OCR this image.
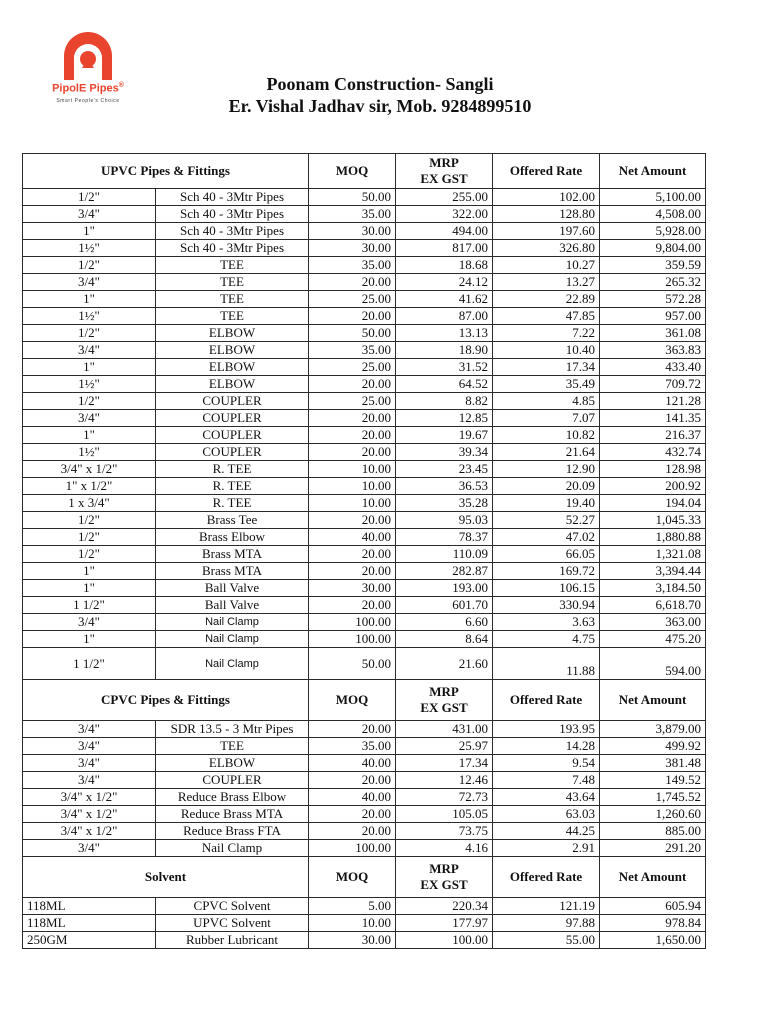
PipolE Pipes®
Smart People's Choice
Poonam Construction- Sangli
Er. Vishal Jadhav sir, Mob. 9284899510
UPVC Pipes & Fittings		MOQ	MRP
EX GST	Offered Rate	Net Amount
1/2"	Sch 40 - 3Mtr Pipes	50.00	255.00	102.00	5,100.00
3/4"	Sch 40 - 3Mtr Pipes	35.00	322.00	128.80	4,508.00
1"	Sch 40 - 3Mtr Pipes	30.00	494.00	197.60	5,928.00
1½"	Sch 40 - 3Mtr Pipes	30.00	817.00	326.80	9,804.00
1/2"	TEE	35.00	18.68	10.27	359.59
3/4"	TEE	20.00	24.12	13.27	265.32
1"	TEE	25.00	41.62	22.89	572.28
1½"	TEE	20.00	87.00	47.85	957.00
1/2"	ELBOW	50.00	13.13	7.22	361.08
3/4"	ELBOW	35.00	18.90	10.40	363.83
1"	ELBOW	25.00	31.52	17.34	433.40
1½"	ELBOW	20.00	64.52	35.49	709.72
1/2"	COUPLER	25.00	8.82	4.85	121.28
3/4"	COUPLER	20.00	12.85	7.07	141.35
1"	COUPLER	20.00	19.67	10.82	216.37
1½"	COUPLER	20.00	39.34	21.64	432.74
3/4" x 1/2"	R. TEE	10.00	23.45	12.90	128.98
1" x 1/2"	R. TEE	10.00	36.53	20.09	200.92
1 x 3/4"	R. TEE	10.00	35.28	19.40	194.04
1/2"	Brass Tee	20.00	95.03	52.27	1,045.33
1/2"	Brass Elbow	40.00	78.37	47.02	1,880.88
1/2"	Brass MTA	20.00	110.09	66.05	1,321.08
1"	Brass MTA	20.00	282.87	169.72	3,394.44
1"	Ball Valve	30.00	193.00	106.15	3,184.50
1 1/2"	Ball Valve	20.00	601.70	330.94	6,618.70
3/4"	Nail Clamp	100.00	6.60	3.63	363.00
1"	Nail Clamp	100.00	8.64	4.75	475.20
1 1/2"	Nail Clamp	50.00	21.60	11.88	594.00
CPVC Pipes & Fittings		MOQ	MRP
EX GST	Offered Rate	Net Amount
3/4"	SDR 13.5 - 3 Mtr Pipes	20.00	431.00	193.95	3,879.00
3/4"	TEE	35.00	25.97	14.28	499.92
3/4"	ELBOW	40.00	17.34	9.54	381.48
3/4"	COUPLER	20.00	12.46	7.48	149.52
3/4" x 1/2"	Reduce Brass Elbow	40.00	72.73	43.64	1,745.52
3/4" x 1/2"	Reduce Brass MTA	20.00	105.05	63.03	1,260.60
3/4" x 1/2"	Reduce Brass FTA	20.00	73.75	44.25	885.00
3/4"	Nail Clamp	100.00	4.16	2.91	291.20
Solvent		MOQ	MRP
EX GST	Offered Rate	Net Amount
118ML	CPVC Solvent	5.00	220.34	121.19	605.94
118ML	UPVC Solvent	10.00	177.97	97.88	978.84
250GM	Rubber Lubricant	30.00	100.00	55.00	1,650.00
